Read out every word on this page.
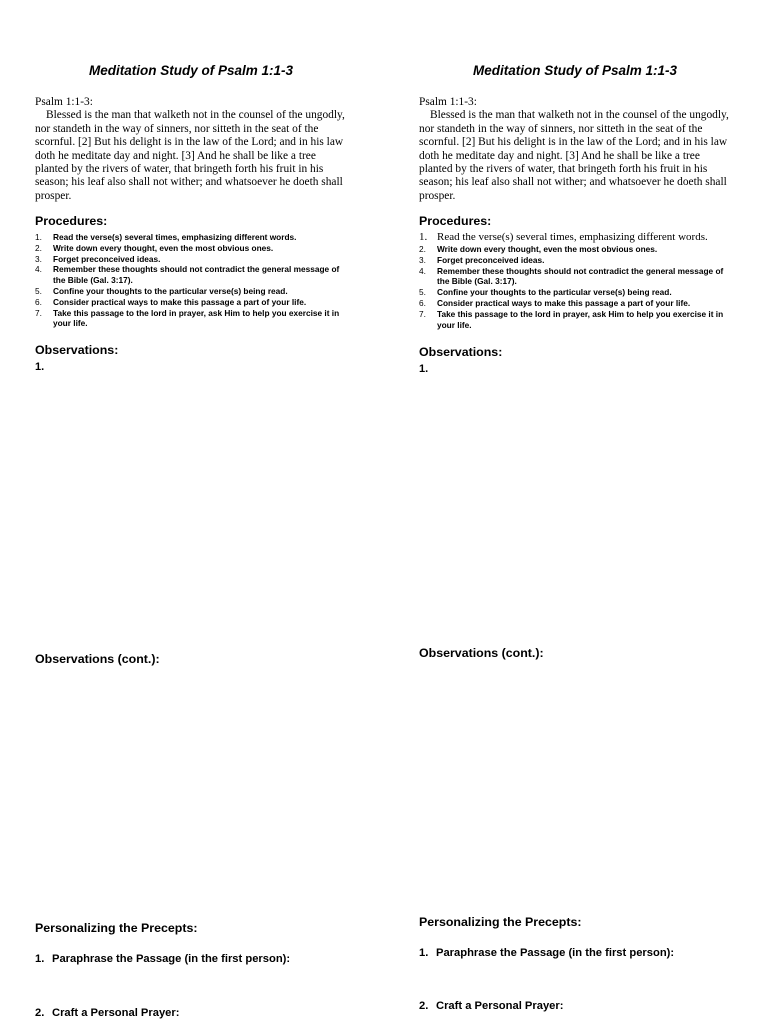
Meditation Study of Psalm 1:1-3
Psalm 1:1-3:
Blessed is the man that walketh not in the counsel of the ungodly, nor standeth in the way of sinners, nor sitteth in the seat of the scornful. [2] But his delight is in the law of the Lord; and in his law doth he meditate day and night. [3] And he shall be like a tree planted by the rivers of water, that bringeth forth his fruit in his season; his leaf also shall not wither; and whatsoever he doeth shall prosper.
Procedures:
1. Read the verse(s) several times, emphasizing different words.
2. Write down every thought, even the most obvious ones.
3. Forget preconceived ideas.
4. Remember these thoughts should not contradict the general message of the Bible (Gal. 3:17).
5. Confine your thoughts to the particular verse(s) being read.
6. Consider practical ways to make this passage a part of your life.
7. Take this passage to the lord in prayer, ask Him to help you exercise it in your life.
Observations:
1.
Observations (cont.):
Personalizing the Precepts:
1. Paraphrase the Passage (in the first person):
2. Craft a Personal Prayer:
Meditation Study of Psalm 1:1-3
Psalm 1:1-3:
Blessed is the man that walketh not in the counsel of the ungodly, nor standeth in the way of sinners, nor sitteth in the seat of the scornful. [2] But his delight is in the law of the Lord; and in his law doth he meditate day and night. [3] And he shall be like a tree planted by the rivers of water, that bringeth forth his fruit in his season; his leaf also shall not wither; and whatsoever he doeth shall prosper.
Procedures:
1. Read the verse(s) several times, emphasizing different words.
2. Write down every thought, even the most obvious ones.
3. Forget preconceived ideas.
4. Remember these thoughts should not contradict the general message of the Bible (Gal. 3:17).
5. Confine your thoughts to the particular verse(s) being read.
6. Consider practical ways to make this passage a part of your life.
7. Take this passage to the lord in prayer, ask Him to help you exercise it in your life.
Observations:
1.
Observations (cont.):
Personalizing the Precepts:
1. Paraphrase the Passage (in the first person):
2. Craft a Personal Prayer:
